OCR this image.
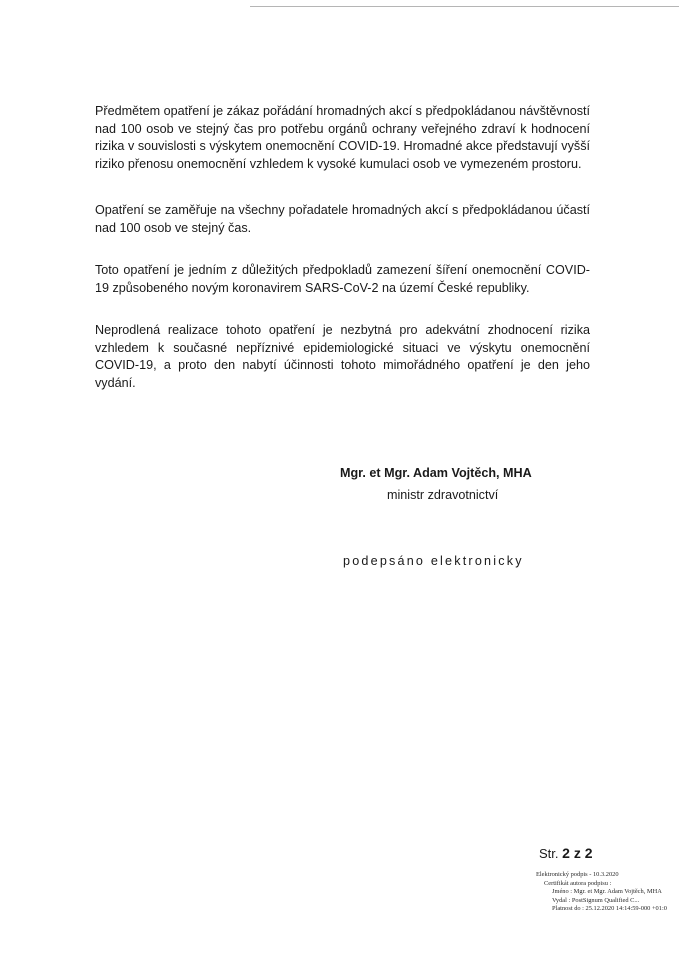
Předmětem opatření je zákaz pořádání hromadných akcí s předpokládanou návštěvností nad 100 osob ve stejný čas pro potřebu orgánů ochrany veřejného zdraví k hodnocení rizika v souvislosti s výskytem onemocnění COVID-19. Hromadné akce představují vyšší riziko přenosu onemocnění vzhledem k vysoké kumulaci osob ve vymezeném prostoru.

Opatření se zaměřuje na všechny pořadatele hromadných akcí s předpokládanou účastí nad 100 osob ve stejný čas.

Toto opatření je jedním z důležitých předpokladů zamezení šíření onemocnění COVID-19 způsobeného novým koronavirem SARS-CoV-2 na území České republiky.

Neprodlená realizace tohoto opatření je nezbytná pro adekvátní zhodnocení rizika vzhledem k současné nepříznivé epidemiologické situaci ve výskytu onemocnění COVID-19, a proto den nabytí účinnosti tohoto mimořádného opatření je den jeho vydání.

Mgr. et Mgr. Adam Vojtěch, MHA

ministr zdravotnictví

podepsáno elektronicky

Str. 2 z 2

Elektronický podpis - 10.3.2020
Certifikát autora podpisu :
Jméno : Mgr. et Mgr. Adam Vojtěch, MHA
Vydal : PostSignum Qualified C...
Platnost do : 25.12.2020 14:14:59-000 +01:0
